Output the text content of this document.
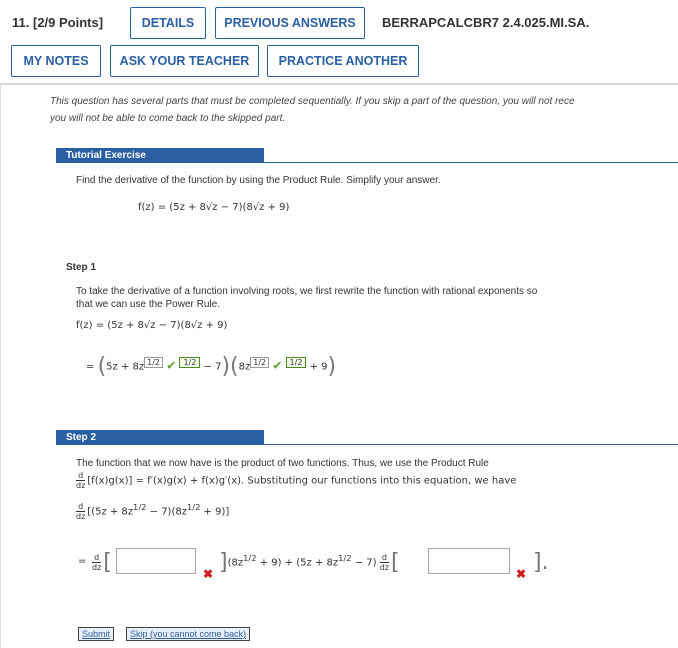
11. [2/9 Points]	DETAILS	PREVIOUS ANSWERS	BERRAPCALCBR7 2.4.025.MI.SA.
MY NOTES	ASK YOUR TEACHER	PRACTICE ANOTHER
This question has several parts that must be completed sequentially. If you skip a part of the question, you will not rece
you will not be able to come back to the skipped part.
Tutorial Exercise
Find the derivative of the function by using the Product Rule. Simplify your answer.
f(z) = (5z + 8√z − 7)(8√z + 9)
Step 1
To take the derivative of a function involving roots, we first rewrite the function with rational exponents so
that we can use the Power Rule.
f(z) = (5z + 8√z − 7)(8√z + 9)
= (5z + 8z 1/2 ✔ 1/2 − 7)(8z 1/2 ✔ 1/2 + 9)
Step 2
The function that we now have is the product of two functions. Thus, we use the Product Rule
$\frac{d}{dz} [f(x)g(x)] = f'(x)g(x) + f(x)g'(x)$. Substituting our functions into this equation, we have
$\frac{d}{dz} [(5z + 8z^{1/2} - 7)(8z^{1/2} + 9)]$
= $\frac{d}{dz}$ [	✖ ]$(8z^{1/2} + 9) + (5z + 8z^{1/2} - 7) \frac{d}{dz}$ [	✖ ].
Submit	Skip (you cannot come back)
